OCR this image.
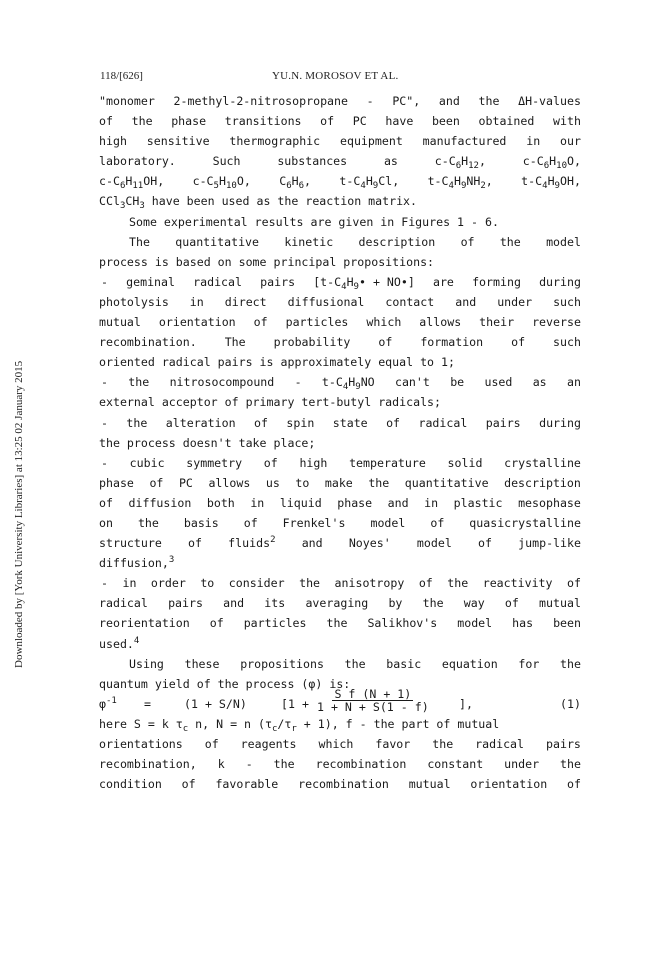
118/[626]	YU.N. MOROSOV ET AL.
Downloaded by [York University Libraries] at 13:25 02 January 2015
"monomer 2-methyl-2-nitrosopropane - PC", and the ΔH-values
of the phase transitions of PC have been obtained with
high sensitive thermographic equipment manufactured in our
laboratory.	Such	substances	as	$c-C_6H_{12}$,	$c-C_6H_{10}O$,
$c-C_6H_{11}OH$, $c-C_5H_{10}O$, $C_6H_6$, $t-C_4H_9Cl$, $t-C_4H_9NH_2$, $t-C_4H_9OH$,
$CCl_3CH_3$ have been used as the reaction matrix.
Some experimental results are given in Figures 1 - 6.
The quantitative kinetic description of the model
process is based on some principal propositions:
- geminal radical pairs [$t-C_4H_9•$ + NO•] are forming during
photolysis in direct diffusional contact and under such
mutual orientation of particles which allows their reverse
recombination. The probability of formation of such
oriented radical pairs is approximately equal to 1;
- the nitrosocompound - $t-C_4H_9NO$ can't be used as an
external acceptor of primary tert-butyl radicals;
- the alteration of spin state of radical pairs during
the process doesn't take place;
- cubic symmetry of high temperature solid crystalline
phase of PC allows us to make the quantitative description
of diffusion both in liquid phase and in plastic mesophase
on the basis of Frenkel's model of quasicrystalline
structure of fluids$^2$ and Noyes' model of jump-like
diffusion,$^3$
- in order to consider the anisotropy of the reactivity of
radical pairs and its averaging by the way of mutual
reorientation of particles the Salikhov's model has been
used.$^4$
Using these propositions the basic equation for the
quantum yield of the process (φ) is:
$\varphi^{-1}$ =	(1 + S/N)	[$1 + \frac{\text{S f (N + 1)}}{1 + N + S(1 - f)}$	],	(1)
here S = k $\tau_c$ n, N = n $(\tau_c/\tau_r + 1)$, f - the part of mutual
orientations of reagents which favor the radical pairs
recombination, k - the recombination constant under the
condition of favorable recombination mutual orientation of
